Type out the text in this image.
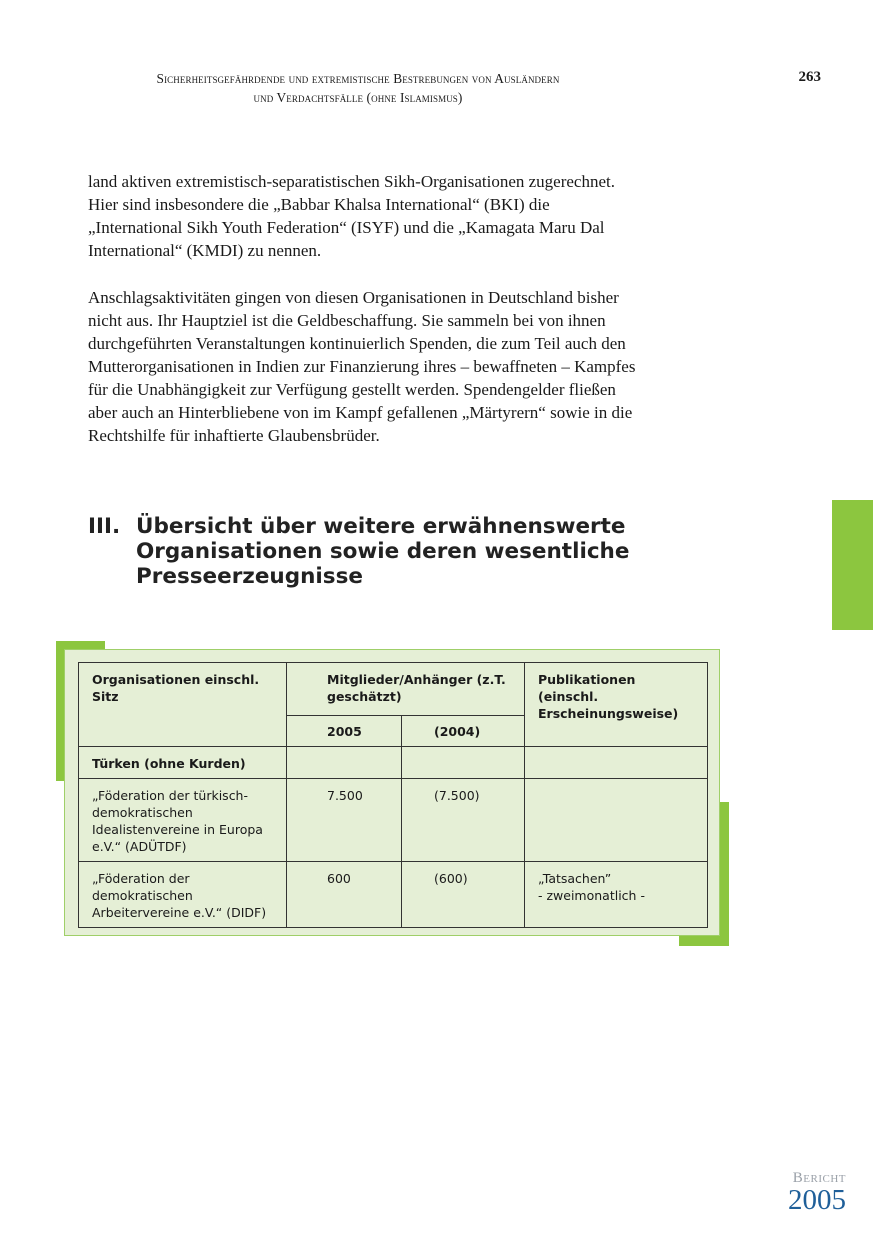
Sicherheitsgefährdende und extremistische Bestrebungen von Ausländern
und Verdachtsfälle (ohne Islamismus)
263

land aktiven extremistisch-separatistischen Sikh-Organisationen zugerechnet. Hier sind insbesondere die „Babbar Khalsa International“ (BKI) die „International Sikh Youth Federation“ (ISYF) und die „Kamagata Maru Dal International“ (KMDI) zu nennen.

Anschlagsaktivitäten gingen von diesen Organisationen in Deutschland bisher nicht aus. Ihr Hauptziel ist die Geldbeschaffung. Sie sammeln bei von ihnen durchgeführten Veranstaltungen kontinuierlich Spenden, die zum Teil auch den Mutterorganisationen in Indien zur Finanzierung ihres – bewaffneten – Kampfes für die Unabhängigkeit zur Verfügung gestellt werden. Spendengelder fließen aber auch an Hinterbliebene von im Kampf gefallenen „Märtyrern“ sowie in die Rechtshilfe für inhaftierte Glaubensbrüder.

III. Übersicht über weitere erwähnenswerte Organisationen sowie deren wesentliche Presseerzeugnisse
Organisationen einschl. Sitz	Mitglieder/Anhänger (z.T. geschätzt)		Publikationen (einschl. Erscheinungsweise)
	2005	(2004)	
Türken (ohne Kurden)			
„Föderation der türkisch-demokratischen Idealistenvereine in Europa e.V.“ (ADÜTDF)	7.500	(7.500)	

„Föderation der demokratischen Arbeitervereine e.V.“ (DIDF)	600	(600)	„Tatsachen”
- zweimonatlich -
Bericht
2005
